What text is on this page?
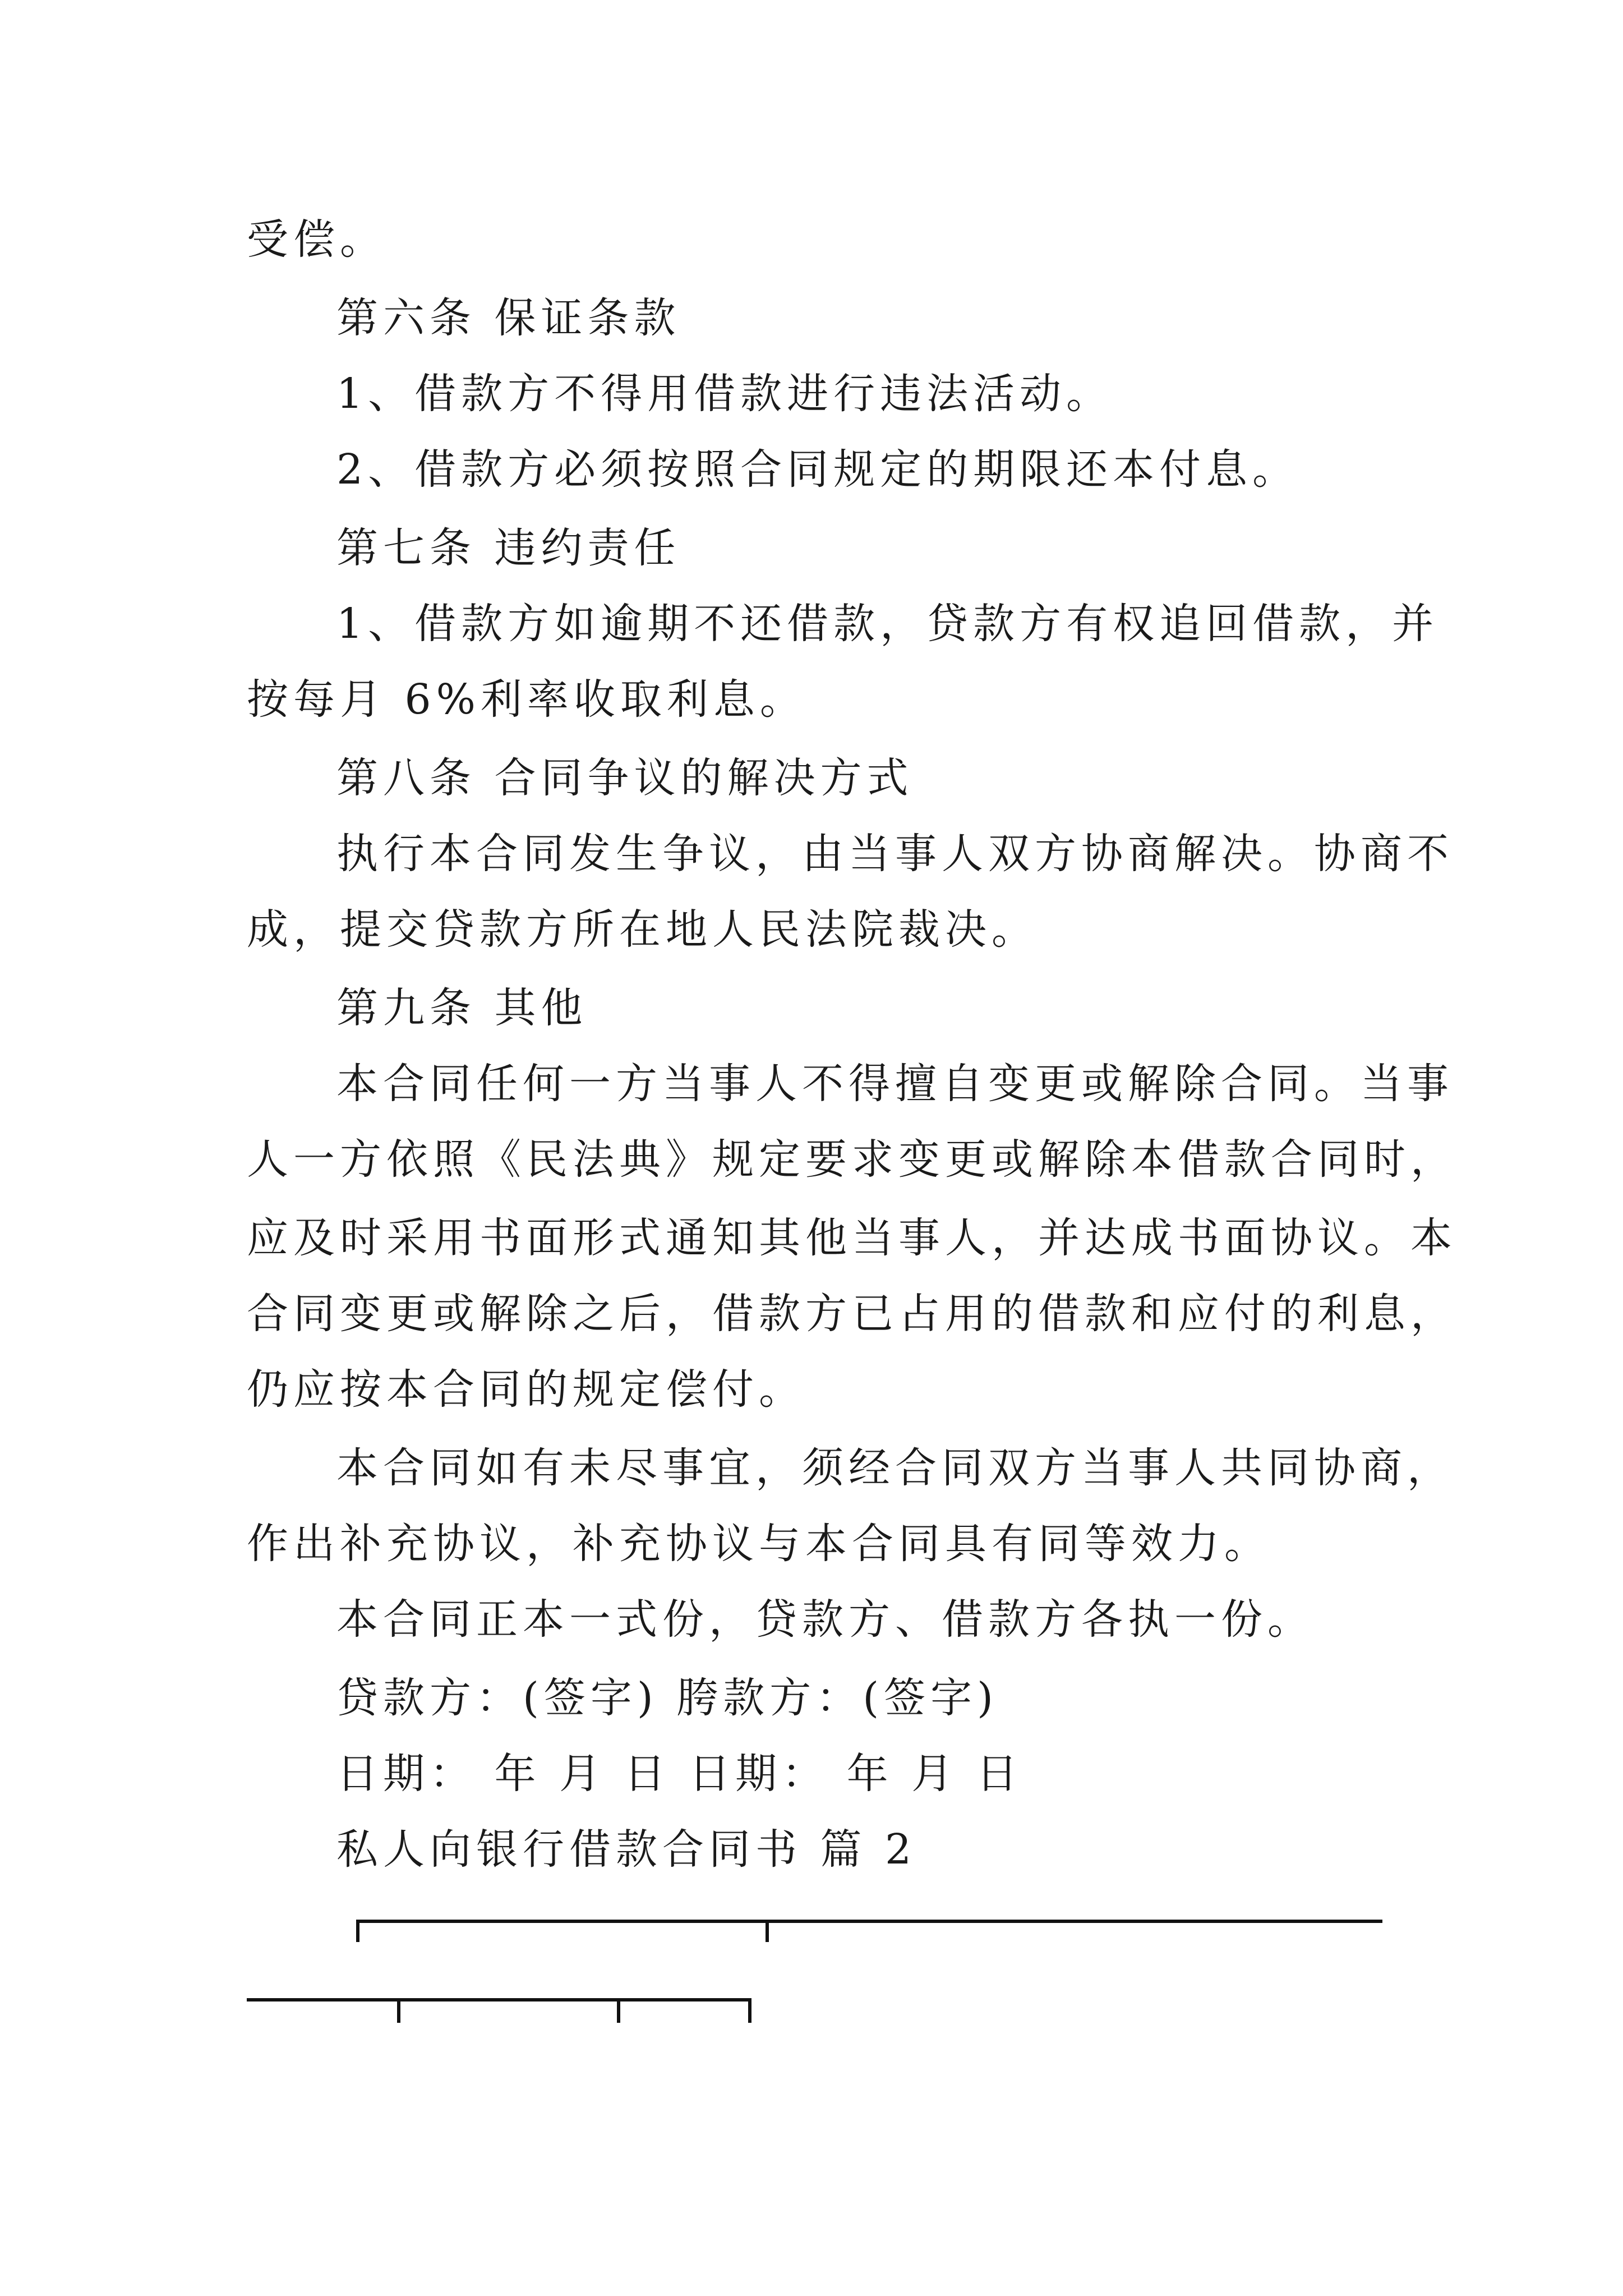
受偿。
第六条 保证条款
1、借款方不得用借款进行违法活动。
2、借款方必须按照合同规定的期限还本付息。
第七条 违约责任
1、借款方如逾期不还借款，贷款方有权追回借款，并
按每月 6%利率收取利息。
第八条 合同争议的解决方式
执行本合同发生争议，由当事人双方协商解决。协商不
成，提交贷款方所在地人民法院裁决。
第九条 其他
本合同任何一方当事人不得擅自变更或解除合同。当事
人一方依照《民法典》规定要求变更或解除本借款合同时，
应及时采用书面形式通知其他当事人，并达成书面协议。本
合同变更或解除之后，借款方已占用的借款和应付的利息，
仍应按本合同的规定偿付。
本合同如有未尽事宜，须经合同双方当事人共同协商，
作出补充协议，补充协议与本合同具有同等效力。
本合同正本一式份，贷款方、借款方各执一份。
贷款方：(签字) 胯款方：(签字)
日期： 年 月 日 日期： 年 月 日
私人向银行借款合同书 篇 2
